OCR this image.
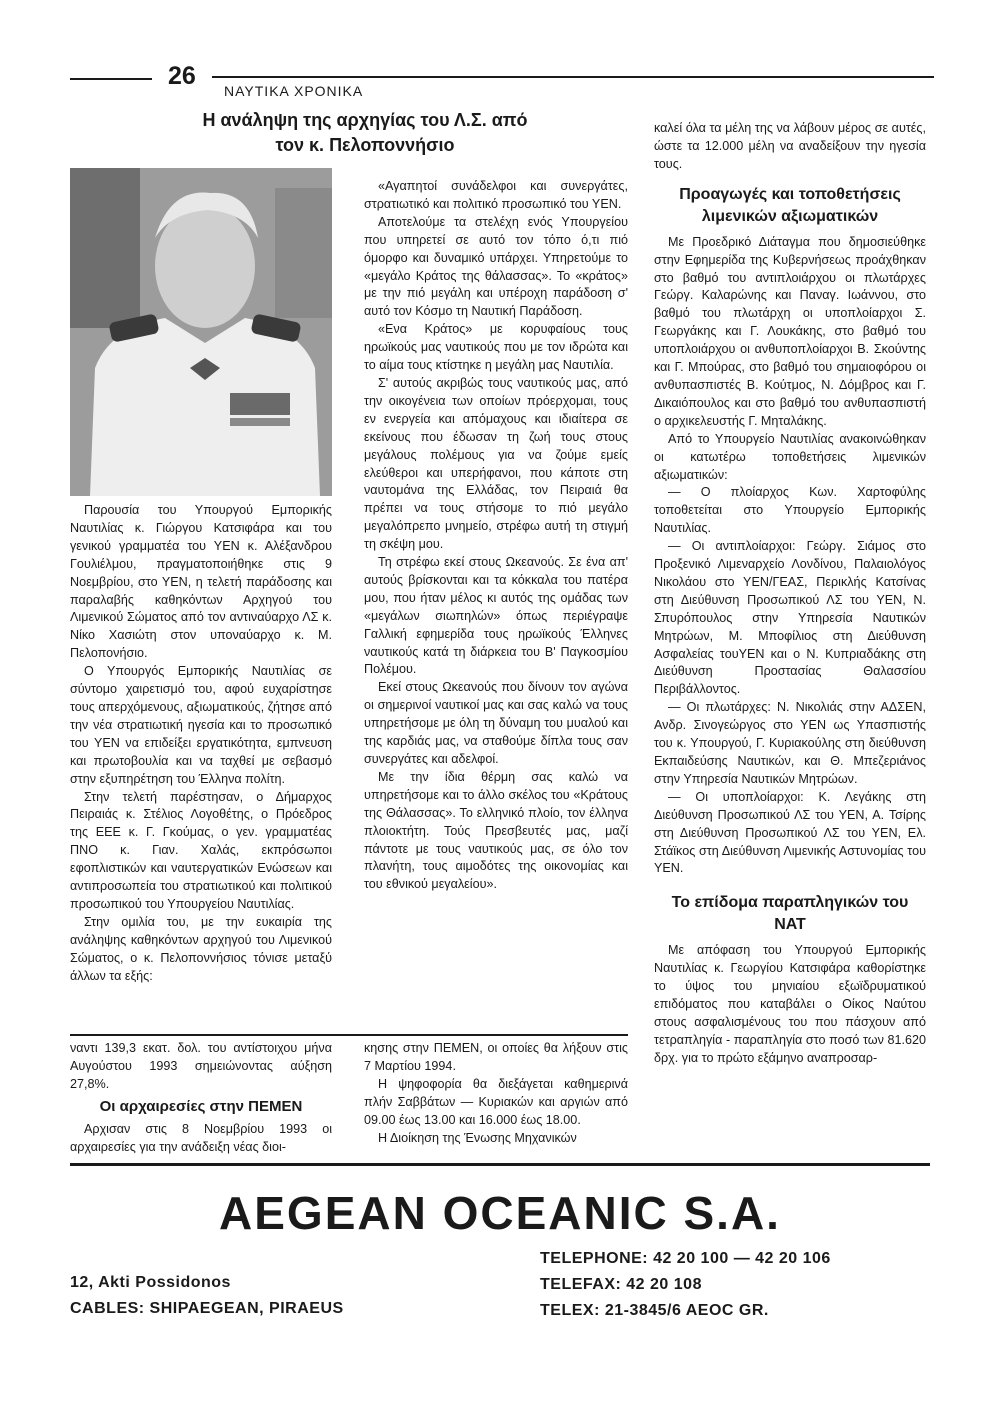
26
ΝΑΥΤΙΚΑ ΧΡΟΝΙΚΑ
Η ανάληψη της αρχηγίας του Λ.Σ. από
τον κ. Πελοποννήσιο

Παρουσία του Υπουργού Εμπορικής Ναυτιλίας κ. Γιώργου Κατσιφάρα και του γενικού γραμματέα του ΥΕΝ κ. Αλέξανδρου Γουλιέλμου, πραγματοποιήθηκε στις 9 Νοεμβρίου, στο ΥΕΝ, η τελετή παράδοσης και παραλαβής καθηκόντων Αρχηγού του Λιμενικού Σώματος από τον αντιναύαρχο ΛΣ κ. Νίκο Χασιώτη στον υποναύαρχο κ. Μ. Πελοπονήσιο.

Ο Υπουργός Εμπορικής Ναυτιλίας σε σύντομο χαιρετισμό του, αφού ευχαρίστησε τους απερχόμενους, αξιωματικούς, ζήτησε από την νέα στρατιωτική ηγεσία και το προσωπικό του ΥΕΝ να επιδείξει εργατικότητα, εμπνευση και πρωτοβουλία και να ταχθεί με σεβασμό στην εξυπηρέτηση του Έλληνα πολίτη.

Στην τελετή παρέστησαν, ο Δήμαρχος Πειραιάς κ. Στέλιος Λογοθέτης, ο Πρόεδρος της ΕΕΕ κ. Γ. Γκούμας, ο γεν. γραμματέας ΠΝΟ κ. Γιαν. Χαλάς, εκπρόσωποι εφοπλιστικών και ναυτεργατικών Ενώσεων και αντιπροσωπεία του στρατιωτικού και πολιτικού προσωπικού του Υπουργείου Ναυτιλίας.

Στην ομιλία του, με την ευκαιρία της ανάληψης καθηκόντων αρχηγού του Λιμενικού Σώματος, ο κ. Πελοποννήσιος τόνισε μεταξύ άλλων τα εξής:

«Αγαπητοί συνάδελφοι και συνεργάτες, στρατιωτικό και πολιτικό προσωπικό του ΥΕΝ.

Αποτελούμε τα στελέχη ενός Υπουργείου που υπηρετεί σε αυτό τον τόπο ό,τι πιό όμορφο και δυναμικό υπάρχει. Υπηρετούμε το «μεγάλο Κράτος της θάλασσας». Το «κράτος» με την πιό μεγάλη και υπέροχη παράδοση σ' αυτό τον Κόσμο τη Ναυτική Παράδοση.

«Ενα Κράτος» με κορυφαίους τους ηρωϊκούς μας ναυτικούς που με τον ιδρώτα και το αίμα τους κτίστηκε η μεγάλη μας Ναυτιλία.

Σ' αυτούς ακριβώς τους ναυτικούς μας, από την οικογένεια των οποίων πρόερχομαι, τους εν ενεργεία και απόμαχους και ιδιαίτερα σε εκείνους που έδωσαν τη ζωή τους στους μεγάλους πολέμους για να ζούμε εμείς ελεύθεροι και υπερήφανοι, που κάποτε στη ναυτομάνα της Ελλάδας, τον Πειραιά θα πρέπει να τους στήσομε το πιό μεγάλο μεγαλόπρεπο μνημείο, στρέφω αυτή τη στιγμή τη σκέψη μου.

Τη στρέφω εκεί στους Ωκεανούς. Σε ένα απ' αυτούς βρίσκονται και τα κόκκαλα του πατέρα μου, που ήταν μέλος κι αυτός της ομάδας των «μεγάλων σιωπηλών» όπως περιέγραψε Γαλλική εφημερίδα τους ηρωϊκούς Έλληνες ναυτικούς κατά τη διάρκεια του Β' Παγκοσμίου Πολέμου.

Εκεί στους Ωκεανούς που δίνουν τον αγώνα οι σημερινοί ναυτικοί μας και σας καλώ να τους υπηρετήσομε με όλη τη δύναμη του μυαλού και της καρδιάς μας, να σταθούμε δίπλα τους σαν συνεργάτες και αδελφοί.

Με την ίδια θέρμη σας καλώ να υπηρετήσομε και το άλλο σκέλος του «Κράτους της Θάλασσας». Το ελληνικό πλοίο, τον έλληνα πλοιοκτήτη. Τούς Πρεσβευτές μας, μαζί πάντοτε με τους ναυτικούς μας, σε όλο τον πλανήτη, τους αιμοδότες της οικονομίας και του εθνικού μεγαλείου».

ναντι 139,3 εκατ. δολ. του αντίστοιχου μήνα Αυγούστου 1993 σημειώνοντας αύξηση 27,8%.

Οι αρχαιρεσίες στην ΠΕΜΕΝ

Αρχισαν στις 8 Νοεμβρίου 1993 οι αρχαιρεσίες για την ανάδειξη νέας διοι-

κησης στην ΠΕΜΕΝ, οι οποίες θα λήξουν στις 7 Μαρτίου 1994.

Η ψηφοφορία θα διεξάγεται καθημερινά πλήν Σαββάτων — Κυριακών και αργιών από 09.00 έως 13.00 και 16.000 έως 18.00.

Η Διοίκηση της Ένωσης Μηχανικών

καλεί όλα τα μέλη της να λάβουν μέρος σε αυτές, ώστε τα 12.000 μέλη να αναδείξουν την ηγεσία τους.

Προαγωγές και τοποθετήσεις
λιμενικών αξιωματικών

Με Προεδρικό Διάταγμα που δημοσιεύθηκε στην Εφημερίδα της Κυβερνήσεως προάχθηκαν στο βαθμό του αντιπλοιάρχου οι πλωτάρχες Γεώργ. Καλαρώνης και Παναγ. Ιωάννου, στο βαθμό του πλωτάρχη οι υποπλοίαρχοι Σ. Γεωργάκης και Γ. Λουκάκης, στο βαθμό του υποπλοιάρχου οι ανθυποπλοίαρχοι Β. Σκούντης και Γ. Μπούρας, στο βαθμό του σημαιοφόρου οι ανθυπασπιστές Β. Κούτμος, Ν. Δόμβρος και Γ. Δικαιόπουλος και στο βαθμό του ανθυπασπιστή ο αρχικελευστής Γ. Μηταλάκης.

Από το Υπουργείο Ναυτιλίας ανακοινώθηκαν οι κατωτέρω τοποθετήσεις λιμενικών αξιωματικών:

— Ο πλοίαρχος Κων. Χαρτοφύλης τοποθετείται στο Υπουργείο Εμπορικής Ναυτιλίας.

— Οι αντιπλοίαρχοι: Γεώργ. Σιάμος στο Προξενικό Λιμεναρχείο Λονδίνου, Παλαιολόγος Νικολάου στο ΥΕΝ/ΓΕΑΣ, Περικλής Κατσίνας στη Διεύθυνση Προσωπικού ΛΣ του ΥΕΝ, Ν. Σπυρόπουλος στην Υπηρεσία Ναυτικών Μητρώων, Μ. Μποφίλιος στη Διεύθυνση Ασφαλείας τουΥΕΝ και ο Ν. Κυπριαδάκης στη Διεύθυνση Προστασίας Θαλασσίου Περιβάλλοντος.

— Οι πλωτάρχες: Ν. Νικολιάς στην ΑΔΣΕΝ, Ανδρ. Σινογεώργος στο ΥΕΝ ως Υπασπιστής του κ. Υπουργού, Γ. Κυριακούλης στη διεύθυνση Εκπαιδεύσης Ναυτικών, και Θ. Μπεζεριάνος στην Υπηρεσία Ναυτικών Μητρώων.

— Οι υποπλοίαρχοι: Κ. Λεγάκης στη Διεύθυνση Προσωπικού ΛΣ του ΥΕΝ, Α. Τσίρης στη Διεύθυνση Προσωπικού ΛΣ του ΥΕΝ, Ελ. Στάϊκος στη Διεύθυνση Λιμενικής Αστυνομίας του ΥΕΝ.

Το επίδομα παραπληγικών του
ΝΑΤ

Με απόφαση του Υπουργού Εμπορικής Ναυτιλίας κ. Γεωργίου Κατσιφάρα καθορίστηκε το ύψος του μηνιαίου εξωϊδρυματικού επιδόματος που καταβάλει ο Οίκος Ναύτου στους ασφαλισμένους του που πάσχουν από τετραπληγία - παραπληγία στο ποσό των 81.620 δρχ. για το πρώτο εξάμηνο αναπροσαρ-

AEGEAN OCEANIC S.A.
12, Akti Possidonos
CABLES: SHIPAEGEAN, PIRAEUS
TELEPHONE: 42 20 100 — 42 20 106
TELEFAX: 42 20 108
TELEX: 21-3845/6 AEOC GR.
